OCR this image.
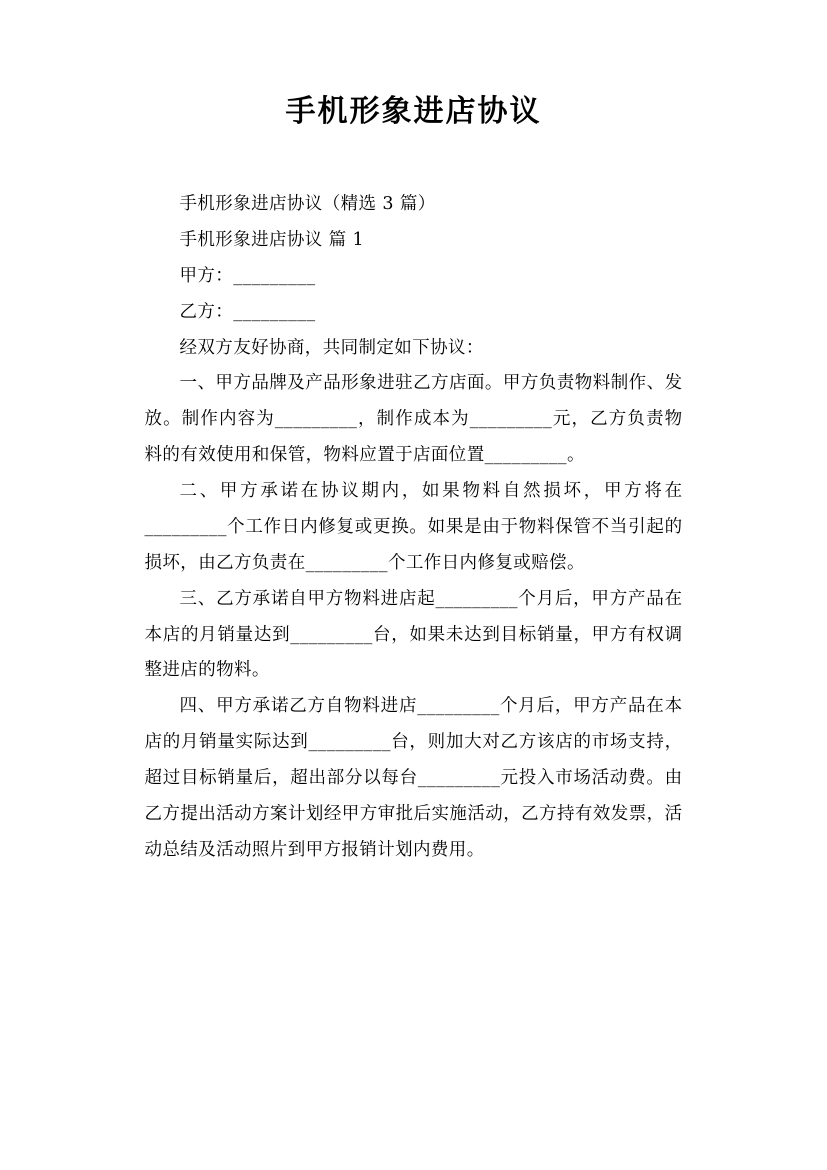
手机形象进店协议

手机形象进店协议（精选 3 篇）

手机形象进店协议 篇 1

甲方：_________

乙方：_________

经双方友好协商，共同制定如下协议：

一、甲方品牌及产品形象进驻乙方店面。甲方负责物料制作、发放。制作内容为_________，制作成本为_________元，乙方负责物料的有效使用和保管，物料应置于店面位置_________。

二、甲方承诺在协议期内，如果物料自然损坏，甲方将在_________个工作日内修复或更换。如果是由于物料保管不当引起的损坏，由乙方负责在_________个工作日内修复或赔偿。

三、乙方承诺自甲方物料进店起_________个月后，甲方产品在本店的月销量达到_________台，如果未达到目标销量，甲方有权调整进店的物料。

四、甲方承诺乙方自物料进店_________个月后，甲方产品在本店的月销量实际达到_________台，则加大对乙方该店的市场支持，超过目标销量后，超出部分以每台_________元投入市场活动费。由乙方提出活动方案计划经甲方审批后实施活动，乙方持有效发票，活动总结及活动照片到甲方报销计划内费用。
